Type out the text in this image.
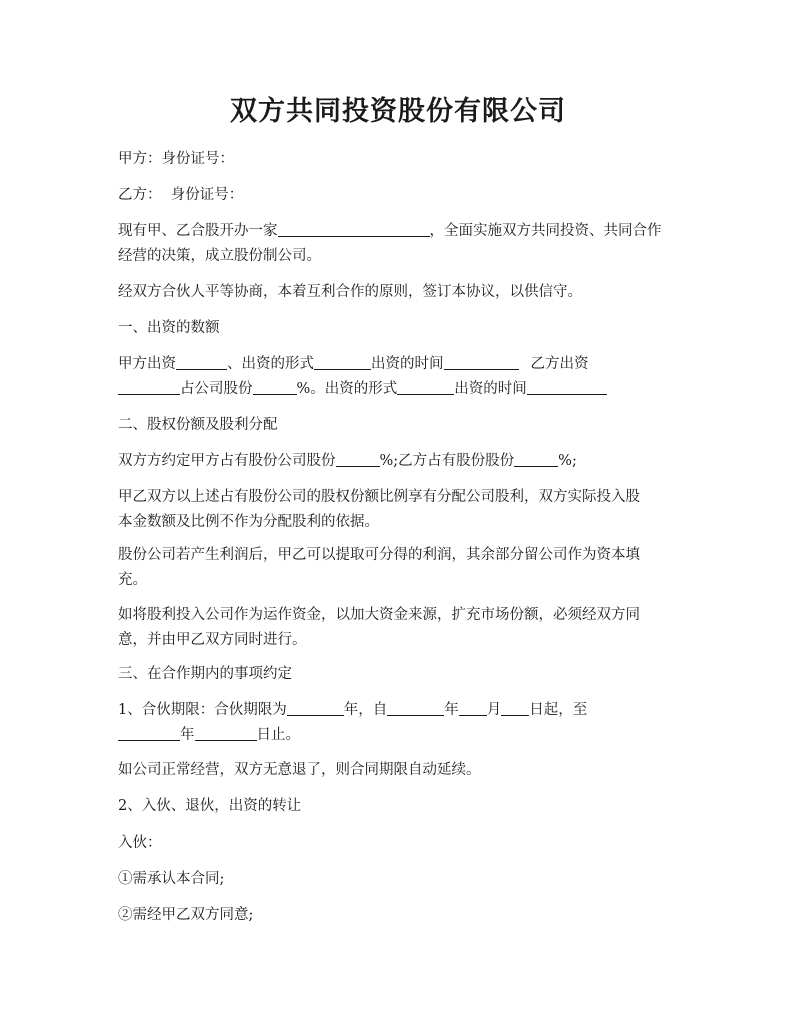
双方共同投资股份有限公司
甲方：身份证号：
乙方：  身份证号：
现有甲、乙合股开办一家	，全面实施双方共同投资、共同合作
经营的决策，成立股份制公司。
经双方合伙人平等协商，本着互利合作的原则，签订本协议，以供信守。
一、出资的数额
甲方出资	、出资的形式	出资的时间	乙方出资
占公司股份	%。出资的形式	出资的时间
二、股权份额及股利分配
双方方约定甲方占有股份公司股份	%;乙方占有股份股份	%;
甲乙双方以上述占有股份公司的股权份额比例享有分配公司股利，双方实际投入股
本金数额及比例不作为分配股利的依据。
股份公司若产生利润后，甲乙可以提取可分得的利润，其余部分留公司作为资本填
充。
如将股利投入公司作为运作资金，以加大资金来源，扩充市场份额，必须经双方同
意，并由甲乙双方同时进行。
三、在合作期内的事项约定
1、合伙期限：合伙期限为	年，自	年 月 日起，至
年	日止。
如公司正常经营，双方无意退了，则合同期限自动延续。
2、入伙、退伙，出资的转让
入伙：
①需承认本合同;
②需经甲乙双方同意;
